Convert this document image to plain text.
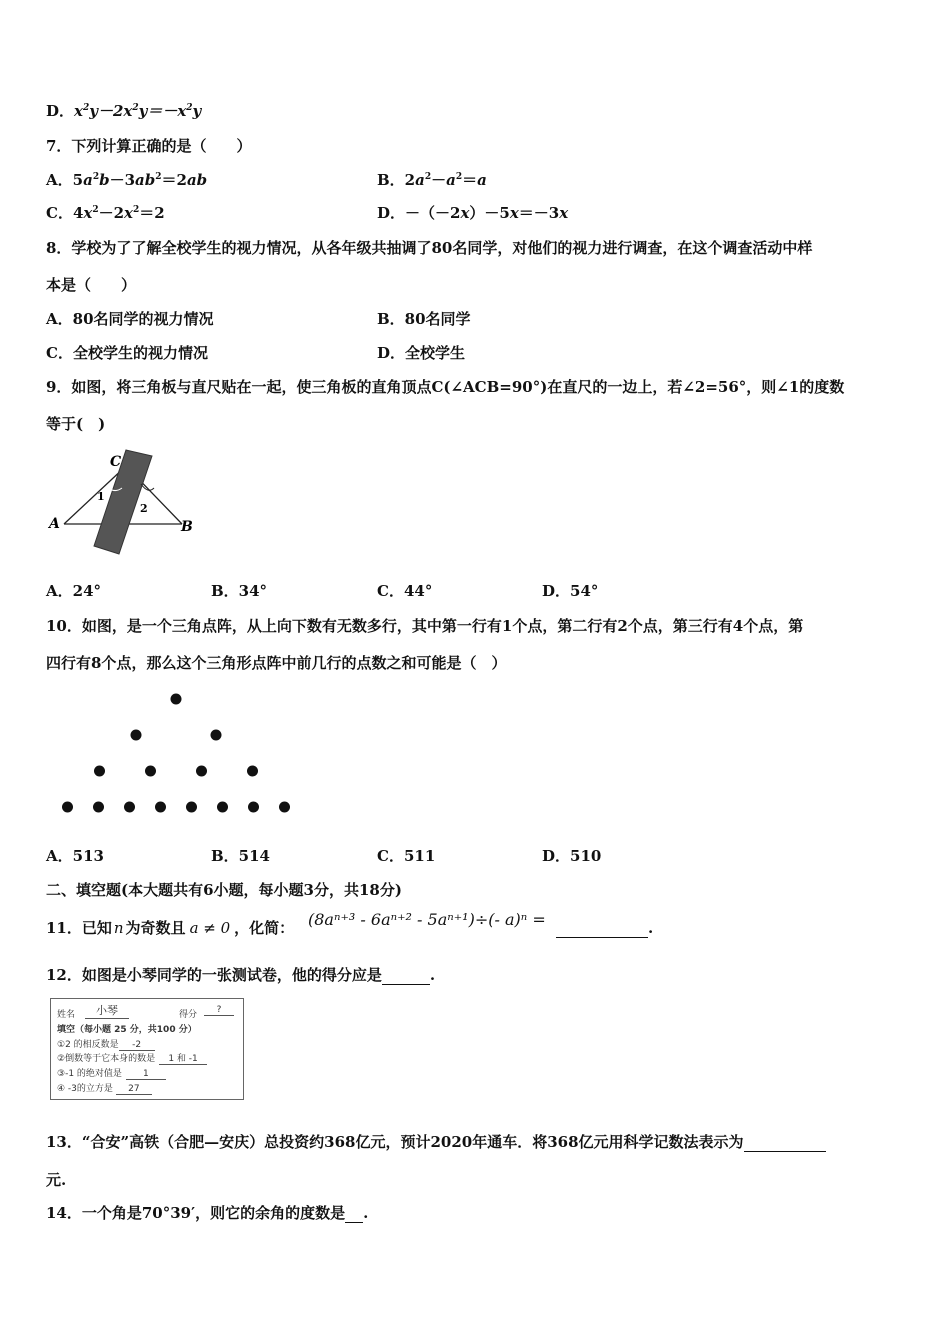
D．$x^2y-2x^2y=-x^2y$
7．下列计算正确的是（　　）
A．$5a^2b-3ab^2=2ab$	B．$2a^2-a^2=a$
C．$4x^2-2x^2=2$	D．－（－2x）－5x＝－3x
8．学校为了了解全校学生的视力情况，从各年级共抽调了80名同学，对他们的视力进行调查，在这个调查活动中样
本是（　　）
A．80名同学的视力情况	B．80名同学
C．全校学生的视力情况	D．全校学生
9．如图，将三角板与直尺贴在一起，使三角板的直角顶点C(∠ACB=90°)在直尺的一边上，若∠2=56°，则∠1的度数
等于(　)
A	B
C
1
2
A．24°	B．34°	C．44°	D．54°
10．如图，是一个三角点阵，从上向下数有无数多行，其中第一行有1个点，第二行有2个点，第三行有4个点，第
四行有8个点，那么这个三角形点阵中前几行的点数之和可能是（　）
A．513	B．514	C．511	D．510
二、填空题(本大题共有6小题，每小题3分，共18分)
11．已知 n 为奇数且 a ≠ 0 ，化简： (8aⁿ⁺³ - 6aⁿ⁺² - 5aⁿ⁺¹)÷(- a)ⁿ =	.
12．如图是小琴同学的一张测试卷，他的得分应是	.
姓名	小琴	得分	?
填空（每小题 25 分，共100 分）
①2 的相反数是 -2
②倒数等于它本身的数是 1 和 -1
③-1 的绝对值是 1
④ -3的立方是 27
13．“合安”高铁（合肥—安庆）总投资约368亿元，预计2020年通车．将368亿元用科学记数法表示为
元.
14．一个角是70°39′，则它的余角的度数是 .
